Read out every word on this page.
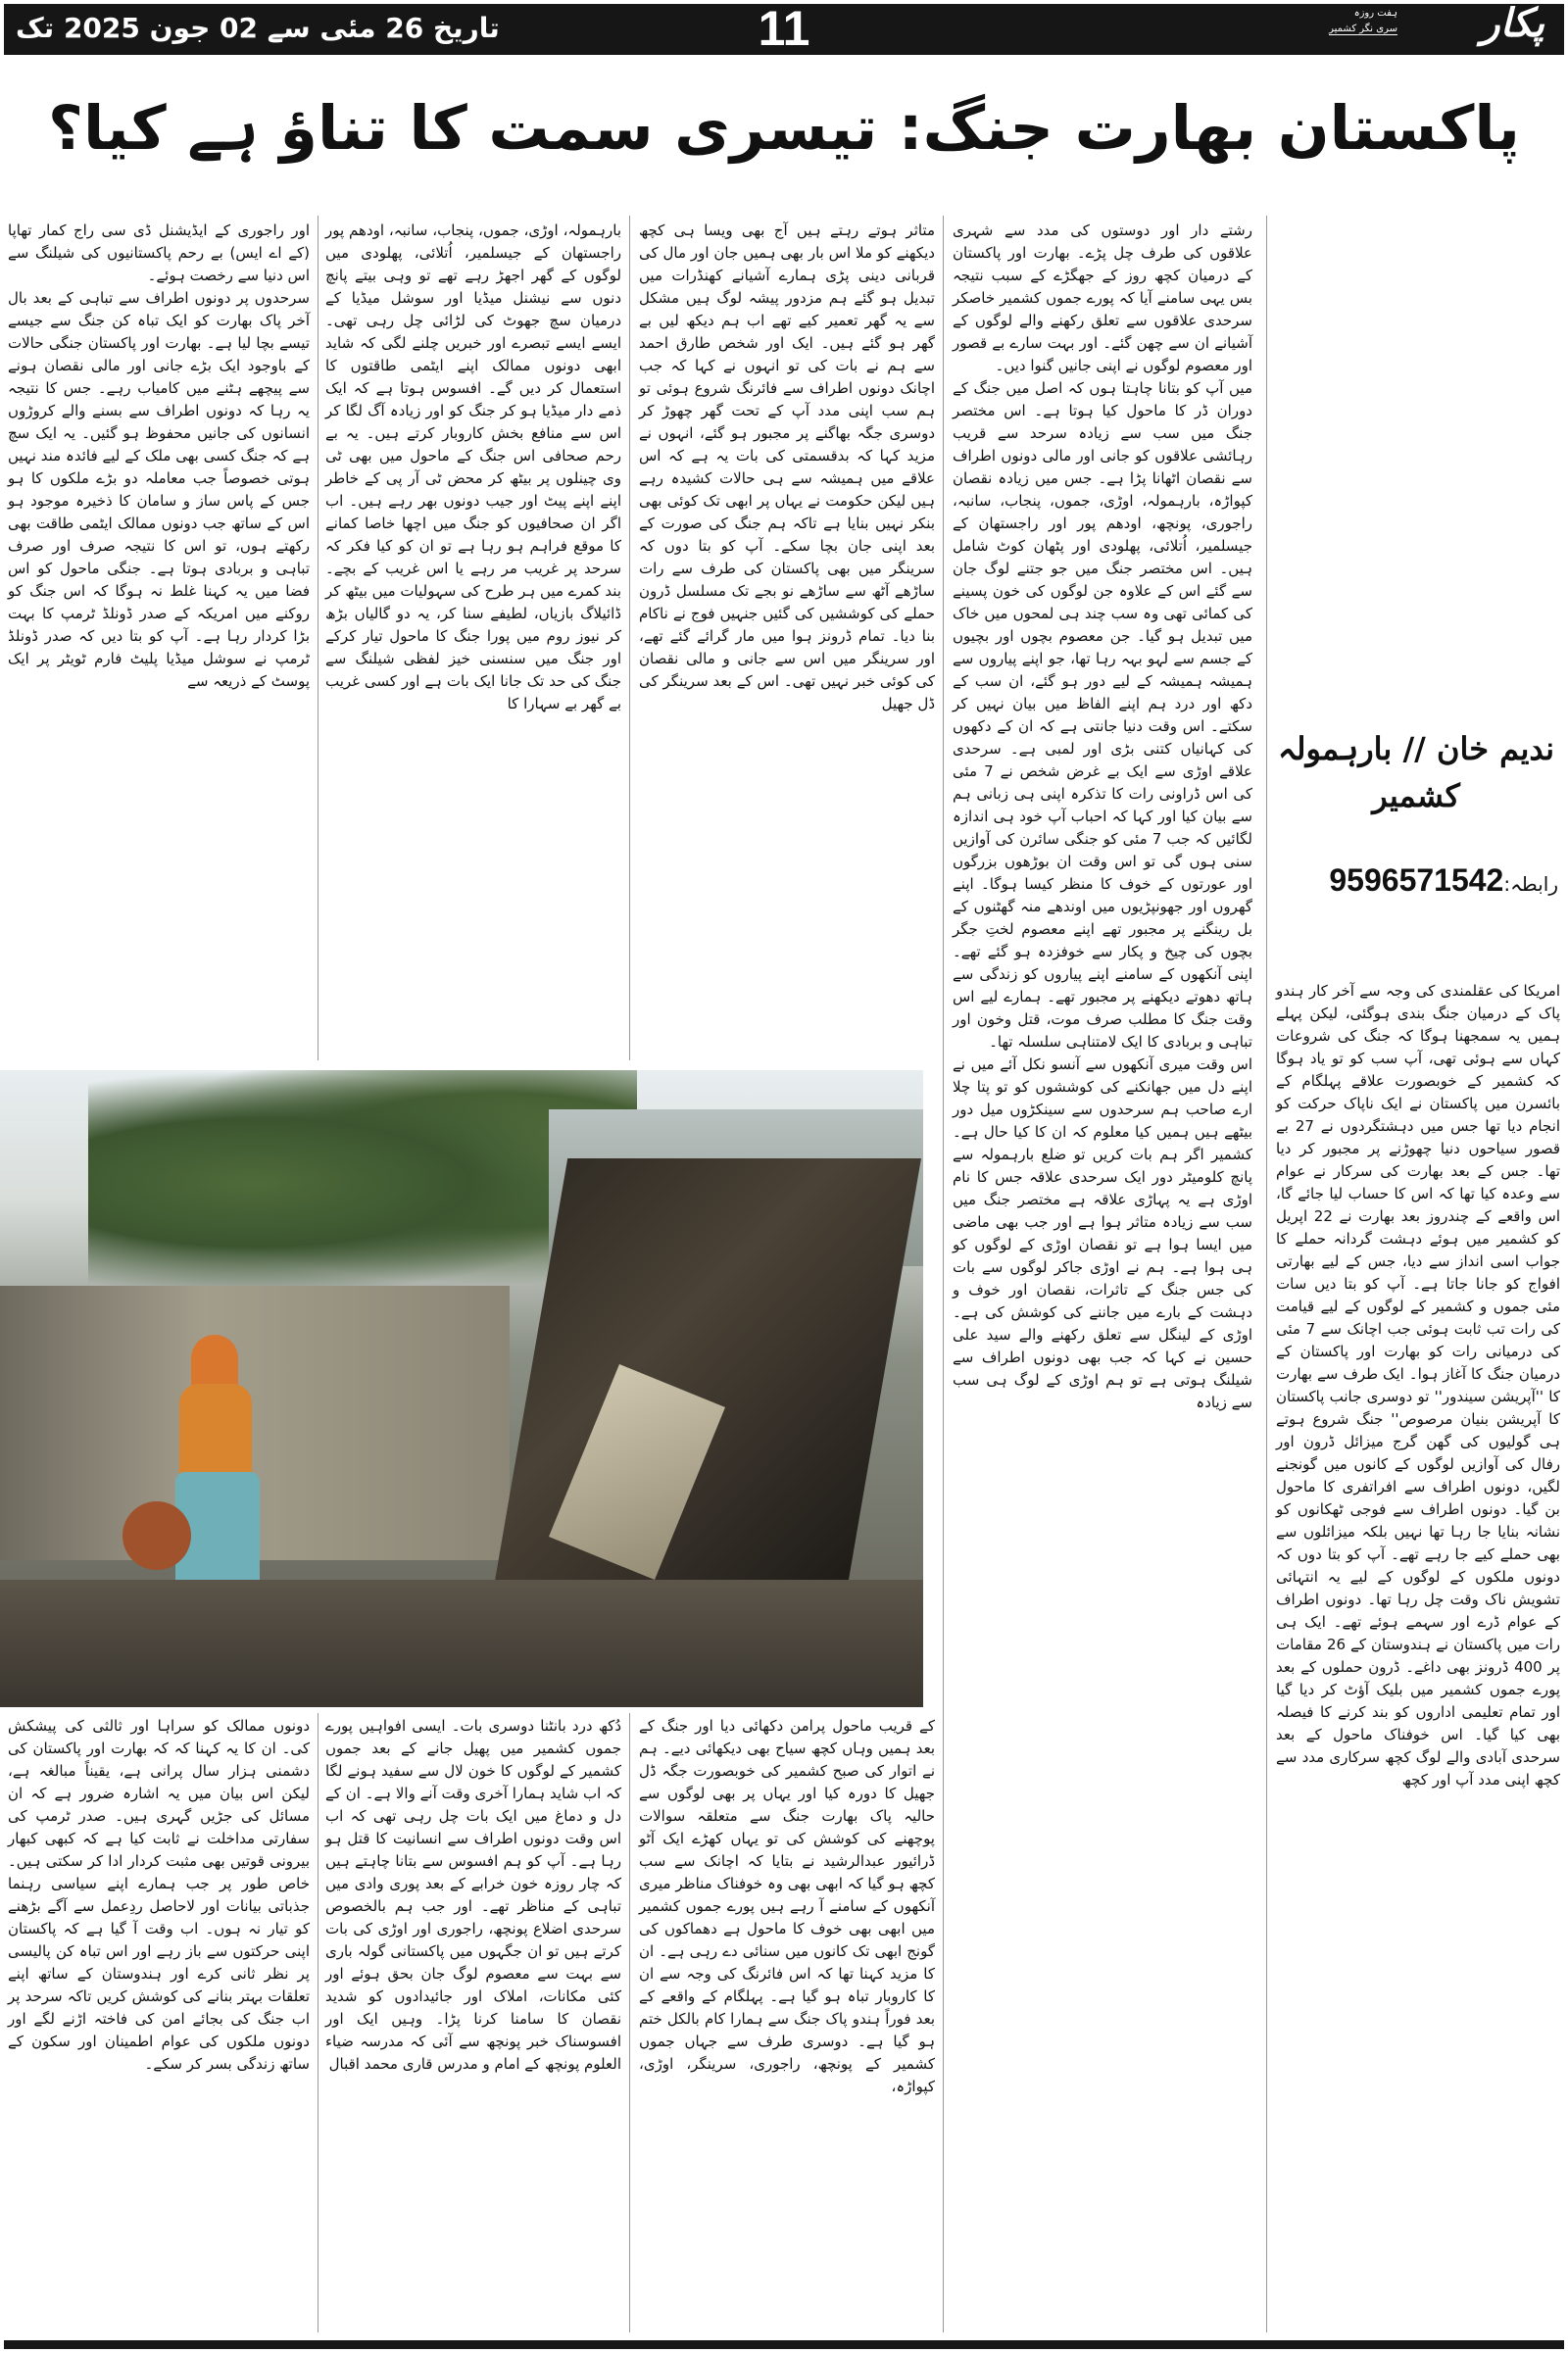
تاریخ 26 مئی سے 02 جون 2025 تک	11	پکار
ہفت روزہ
سری نگر کشمیر
پاکستان بھارت جنگ: تیسری سمت کا تناؤ ہے کیا؟
ندیم خان // بارہمولہ کشمیر
رابطہ:9596571542
امریکا کی عقلمندی کی وجہ سے آخر کار ہندو پاک کے درمیان جنگ بندی ہوگئی، لیکن پہلے ہمیں یہ سمجھنا ہوگا کہ جنگ کی شروعات کہاں سے ہوئی تھی، آپ سب کو تو یاد ہوگا کہ کشمیر کے خوبصورت علاقے پہلگام کے بائسرن میں پاکستان نے ایک ناپاک حرکت کو انجام دیا تھا جس میں دہشتگردوں نے 27 بے قصور سیاحوں دنیا چھوڑنے پر مجبور کر دیا تھا۔ جس کے بعد بھارت کی سرکار نے عوام سے وعدہ کیا تھا کہ اس کا حساب لیا جائے گا، اس واقعے کے چندروز بعد بھارت نے 22 اپریل کو کشمیر میں ہوئے دہشت گردانہ حملے کا جواب اسی انداز سے دیا، جس کے لیے بھارتی افواج کو جانا جاتا ہے۔ آپ کو بتا دیں سات مئی جموں و کشمیر کے لوگوں کے لیے قیامت کی رات تب ثابت ہوئی جب اچانک سے 7 مئی کی درمیانی رات کو بھارت اور پاکستان کے درمیان جنگ کا آغاز ہوا۔ ایک طرف سے بھارت کا ''آپریشن سیندور'' تو دوسری جانب پاکستان کا آپریشن بنیان مرصوص'' جنگ شروع ہوتے ہی گولیوں کی گھن گرج میزائل ڈرون اور رفال کی آوازیں لوگوں کے کانوں میں گونجنے لگیں، دونوں اطراف سے افراتفری کا ماحول بن گیا۔ دونوں اطراف سے فوجی ٹھکانوں کو نشانہ بنایا جا رہا تھا نہیں بلکہ میزائلوں سے بھی حملے کیے جا رہے تھے۔ آپ کو بتا دوں کہ دونوں ملکوں کے لوگوں کے لیے یہ انتہائی تشویش ناک وقت چل رہا تھا۔ دونوں اطراف کے عوام ڈرے اور سہمے ہوئے تھے۔ ایک ہی رات میں پاکستان نے ہندوستان کے 26 مقامات پر 400 ڈرونز بھی داغے۔ ڈرون حملوں کے بعد پورے جموں کشمیر میں بلیک آؤٹ کر دیا گیا اور تمام تعلیمی اداروں کو بند کرنے کا فیصلہ بھی کیا گیا۔ اس خوفناک ماحول کے بعد سرحدی آبادی والے لوگ کچھ سرکاری مدد سے کچھ اپنی مدد آپ اور کچھ
رشتے دار اور دوستوں کی مدد سے شہری علاقوں کی طرف چل پڑے۔ بھارت اور پاکستان کے درمیان کچھ روز کے جھگڑے کے سبب نتیجہ بس یہی سامنے آیا کہ پورے جموں کشمیر خاصکر سرحدی علاقوں سے تعلق رکھنے والے لوگوں کے آشیانے ان سے چھن گئے۔ اور بہت سارے بے قصور اور معصوم لوگوں نے اپنی جانیں گنوا دیں۔
میں آپ کو بتانا چاہتا ہوں کہ اصل میں جنگ کے دوران ڈر کا ماحول کیا ہوتا ہے۔ اس مختصر جنگ میں سب سے زیادہ سرحد سے قریب رہائشی علاقوں کو جانی اور مالی دونوں اطراف سے نقصان اٹھانا پڑا ہے۔ جس میں زیادہ نقصان کپواڑہ، بارہمولہ، اوڑی، جموں، پنجاب، سانبہ، راجوری، پونچھ، اودھم پور اور راجستھان کے جیسلمیر، اُتلائی، پھلودی اور پٹھان کوٹ شامل ہیں۔ اس مختصر جنگ میں جو جتنے لوگ جان سے گئے اس کے علاوہ جن لوگوں کی خون پسینے کی کمائی تھی وہ سب چند ہی لمحوں میں خاک میں تبدیل ہو گیا۔ جن معصوم بچوں اور بچیوں کے جسم سے لہو بہہ رہا تھا، جو اپنے پیاروں سے ہمیشہ ہمیشہ کے لیے دور ہو گئے، ان سب کے دکھ اور درد ہم اپنے الفاظ میں بیان نہیں کر سکتے۔ اس وقت دنیا جانتی ہے کہ ان کے دکھوں کی کہانیاں کتنی بڑی اور لمبی ہے۔ سرحدی علاقے اوڑی سے ایک بے غرض شخص نے 7 مئی کی اس ڈراونی رات کا تذکرہ اپنی ہی زبانی ہم سے بیان کیا اور کہا کہ احباب آپ خود ہی اندازہ لگائیں کہ جب 7 مئی کو جنگی سائرن کی آوازیں سنی ہوں گی تو اس وقت ان بوڑھوں بزرگوں اور عورتوں کے خوف کا منظر کیسا ہوگا۔ اپنے گھروں اور جھونپڑیوں میں اوندھے منہ گھٹنوں کے بل رینگنے پر مجبور تھے اپنے معصوم لختِ جگر بچوں کی چیخ و پکار سے خوفزدہ ہو گئے تھے۔ اپنی آنکھوں کے سامنے اپنے پیاروں کو زندگی سے ہاتھ دھوتے دیکھنے پر مجبور تھے۔ ہمارے لیے اس وقت جنگ کا مطلب صرف موت، قتل وخون اور تباہی و بربادی کا ایک لامتناہی سلسلہ تھا۔
اس وقت میری آنکھوں سے آنسو نکل آئے میں نے اپنے دل میں جھانکنے کی کوششوں کو تو پتا چلا ارے صاحب ہم سرحدوں سے سینکڑوں میل دور بیٹھے ہیں ہمیں کیا معلوم کہ ان کا کیا حال ہے۔ کشمیر اگر ہم بات کریں تو ضلع بارہمولہ سے پانچ کلومیٹر دور ایک سرحدی علاقہ جس کا نام اوڑی ہے یہ پہاڑی علاقہ ہے مختصر جنگ میں سب سے زیادہ متاثر ہوا ہے اور جب بھی ماضی میں ایسا ہوا ہے تو نقصان اوڑی کے لوگوں کو ہی ہوا ہے۔ ہم نے اوڑی جاکر لوگوں سے بات کی جس جنگ کے تاثرات، نقصان اور خوف و دہشت کے بارے میں جاننے کی کوشش کی ہے۔ اوڑی کے لینگل سے تعلق رکھنے والے سید علی حسین نے کہا کہ جب بھی دونوں اطراف سے شیلنگ ہوتی ہے تو ہم اوڑی کے لوگ ہی سب سے زیادہ
متاثر ہوتے رہتے ہیں آج بھی ویسا ہی کچھ دیکھنے کو ملا اس بار بھی ہمیں جان اور مال کی قربانی دینی پڑی ہمارے آشیانے کھنڈرات میں تبدیل ہو گئے ہم مزدور پیشہ لوگ ہیں مشکل سے یہ گھر تعمیر کیے تھے اب ہم دیکھ لیں بے گھر ہو گئے ہیں۔ ایک اور شخص طارق احمد سے ہم نے بات کی تو انہوں نے کہا کہ جب اچانک دونوں اطراف سے فائرنگ شروع ہوئی تو ہم سب اپنی مدد آپ کے تحت گھر چھوڑ کر دوسری جگہ بھاگنے پر مجبور ہو گئے، انہوں نے مزید کہا کہ بدقسمتی کی بات یہ ہے کہ اس علاقے میں ہمیشہ سے ہی حالات کشیدہ رہے ہیں لیکن حکومت نے یہاں پر ابھی تک کوئی بھی بنکر نہیں بنایا ہے تاکہ ہم جنگ کی صورت کے بعد اپنی جان بچا سکے۔ آپ کو بتا دوں کہ سرینگر میں بھی پاکستان کی طرف سے رات ساڑھے آٹھ سے ساڑھے نو بجے تک مسلسل ڈرون حملے کی کوششیں کی گئیں جنہیں فوج نے ناکام بنا دیا۔ تمام ڈرونز ہوا میں مار گرائے گئے تھے، اور سرینگر میں اس سے جانی و مالی نقصان کی کوئی خبر نہیں تھی۔ اس کے بعد سرینگر کی ڈل جھیل
کے قریب ماحول پرامن دکھائی دیا اور جنگ کے بعد ہمیں وہاں کچھ سیاح بھی دیکھائی دیے۔ ہم نے اتوار کی صبح کشمیر کی خوبصورت جگہ ڈل جھیل کا دورہ کیا اور یہاں پر بھی لوگوں سے حالیہ پاک بھارت جنگ سے متعلقہ سوالات پوچھنے کی کوشش کی تو یہاں کھڑے ایک آٹو ڈرائیور عبدالرشید نے بتایا کہ اچانک سے سب کچھ ہو گیا کہ ابھی بھی وہ خوفناک مناظر میری آنکھوں کے سامنے آ رہے ہیں پورے جموں کشمیر میں ابھی بھی خوف کا ماحول ہے دھماکوں کی گونج ابھی تک کانوں میں سنائی دے رہی ہے۔ ان کا مزید کہنا تھا کہ اس فائرنگ کی وجہ سے ان کا کاروبار تباہ ہو گیا ہے۔ پہلگام کے واقعے کے بعد فوراً ہندو پاک جنگ سے ہمارا کام بالکل ختم ہو گیا ہے۔ دوسری طرف سے جہاں جموں کشمیر کے پونچھ، راجوری، سرینگر، اوڑی، کپواڑہ،
بارہمولہ، اوڑی، جموں، پنجاب، سانبہ، اودھم پور راجستھان کے جیسلمیر، اُتلائی، پھلودی میں لوگوں کے گھر اجھڑ رہے تھے تو وہی بیتے پانچ دنوں سے نیشنل میڈیا اور سوشل میڈیا کے درمیان سچ جھوٹ کی لڑائی چل رہی تھی۔ ایسے ایسے تبصرے اور خبریں چلنے لگی کہ شاید ابھی دونوں ممالک اپنے ایٹمی طاقتوں کا استعمال کر دیں گے۔ افسوس ہوتا ہے کہ ایک ذمے دار میڈیا ہو کر جنگ کو اور زیادہ آگ لگا کر اس سے منافع بخش کاروبار کرتے ہیں۔ یہ بے رحم صحافی اس جنگ کے ماحول میں بھی ٹی وی چینلوں پر بیٹھ کر محض ٹی آر پی کے خاطر اپنے اپنے پیٹ اور جیب دونوں بھر رہے ہیں۔ اب اگر ان صحافیوں کو جنگ میں اچھا خاصا کمانے کا موقع فراہم ہو رہا ہے تو ان کو کیا فکر کہ سرحد پر غریب مر رہے یا اس غریب کے بچے۔ بند کمرے میں ہر طرح کی سہولیات میں بیٹھ کر ڈائیلاگ بازیاں، لطیفے سنا کر، یہ دو گالیاں بڑھ کر نیوز روم میں پورا جنگ کا ماحول تیار کرکے اور جنگ میں سنسنی خیز لفظی شیلنگ سے جنگ کی حد تک جانا ایک بات ہے اور کسی غریب بے گھر بے سہارا کا
دُکھ درد بانٹنا دوسری بات۔ ایسی افواہیں پورے جموں کشمیر میں پھیل جانے کے بعد جموں کشمیر کے لوگوں کا خون لال سے سفید ہونے لگا کہ اب شاید ہمارا آخری وقت آنے والا ہے۔ ان کے دل و دماغ میں ایک بات چل رہی تھی کہ اب اس وقت دونوں اطراف سے انسانیت کا قتل ہو رہا ہے۔ آپ کو ہم افسوس سے بتانا چاہتے ہیں کہ چار روزہ خون خرابے کے بعد پوری وادی میں تباہی کے مناظر تھے۔ اور جب ہم بالخصوص سرحدی اضلاع پونچھ، راجوری اور اوڑی کی بات کرتے ہیں تو ان جگہوں میں پاکستانی گولہ باری سے بہت سے معصوم لوگ جان بحق ہوئے اور کئی مکانات، املاک اور جائیدادوں کو شدید نقصان کا سامنا کرنا پڑا۔ وہیں ایک اور افسوسناک خبر پونچھ سے آئی کہ مدرسہ ضیاء العلوم پونچھ کے امام و مدرس قاری محمد اقبال
اور راجوری کے ایڈیشنل ڈی سی راج کمار تھاپا (کے اے ایس) بے رحم پاکستانیوں کی شیلنگ سے اس دنیا سے رخصت ہوئے۔
سرحدوں پر دونوں اطراف سے تباہی کے بعد بال آخر پاک بھارت کو ایک تباہ کن جنگ سے جیسے تیسے بچا لیا ہے۔ بھارت اور پاکستان جنگی حالات کے باوجود ایک بڑے جانی اور مالی نقصان ہونے سے پیچھے ہٹنے میں کامیاب رہے۔ جس کا نتیجہ یہ رہا کہ دونوں اطراف سے بسنے والے کروڑوں انسانوں کی جانیں محفوظ ہو گئیں۔ یہ ایک سچ ہے کہ جنگ کسی بھی ملک کے لیے فائدہ مند نہیں ہوتی خصوصاً جب معاملہ دو بڑے ملکوں کا ہو جس کے پاس ساز و سامان کا ذخیرہ موجود ہو اس کے ساتھ جب دونوں ممالک ایٹمی طاقت بھی رکھتے ہوں، تو اس کا نتیجہ صرف اور صرف تباہی و بربادی ہوتا ہے۔ جنگی ماحول کو اس فضا میں یہ کہنا غلط نہ ہوگا کہ اس جنگ کو روکنے میں امریکہ کے صدر ڈونلڈ ٹرمپ کا بہت بڑا کردار رہا ہے۔ آپ کو بتا دیں کہ صدر ڈونلڈ ٹرمپ نے سوشل میڈیا پلیٹ فارم ٹویٹر پر ایک پوسٹ کے ذریعہ سے
دونوں ممالک کو سراہا اور ثالثی کی پیشکش کی۔ ان کا یہ کہنا کہ کہ بھارت اور پاکستان کی دشمنی ہزار سال پرانی ہے، یقیناً مبالغہ ہے، لیکن اس بیان میں یہ اشارہ ضرور ہے کہ ان مسائل کی جڑیں گہری ہیں۔ صدر ٹرمپ کی سفارتی مداخلت نے ثابت کیا ہے کہ کبھی کبھار بیرونی قوتیں بھی مثبت کردار ادا کر سکتی ہیں۔ خاص طور پر جب ہمارے اپنے سیاسی رہنما جذباتی بیانات اور لاحاصل ردِعمل سے آگے بڑھنے کو تیار نہ ہوں۔ اب وقت آ گیا ہے کہ پاکستان اپنی حرکتوں سے باز رہے اور اس تباہ کن پالیسی پر نظر ثانی کرے اور ہندوستان کے ساتھ اپنے تعلقات بہتر بنانے کی کوشش کریں تاکہ سرحد پر اب جنگ کی بجائے امن کی فاختہ اڑنے لگے اور دونوں ملکوں کی عوام اطمینان اور سکون کے ساتھ زندگی بسر کر سکے۔
